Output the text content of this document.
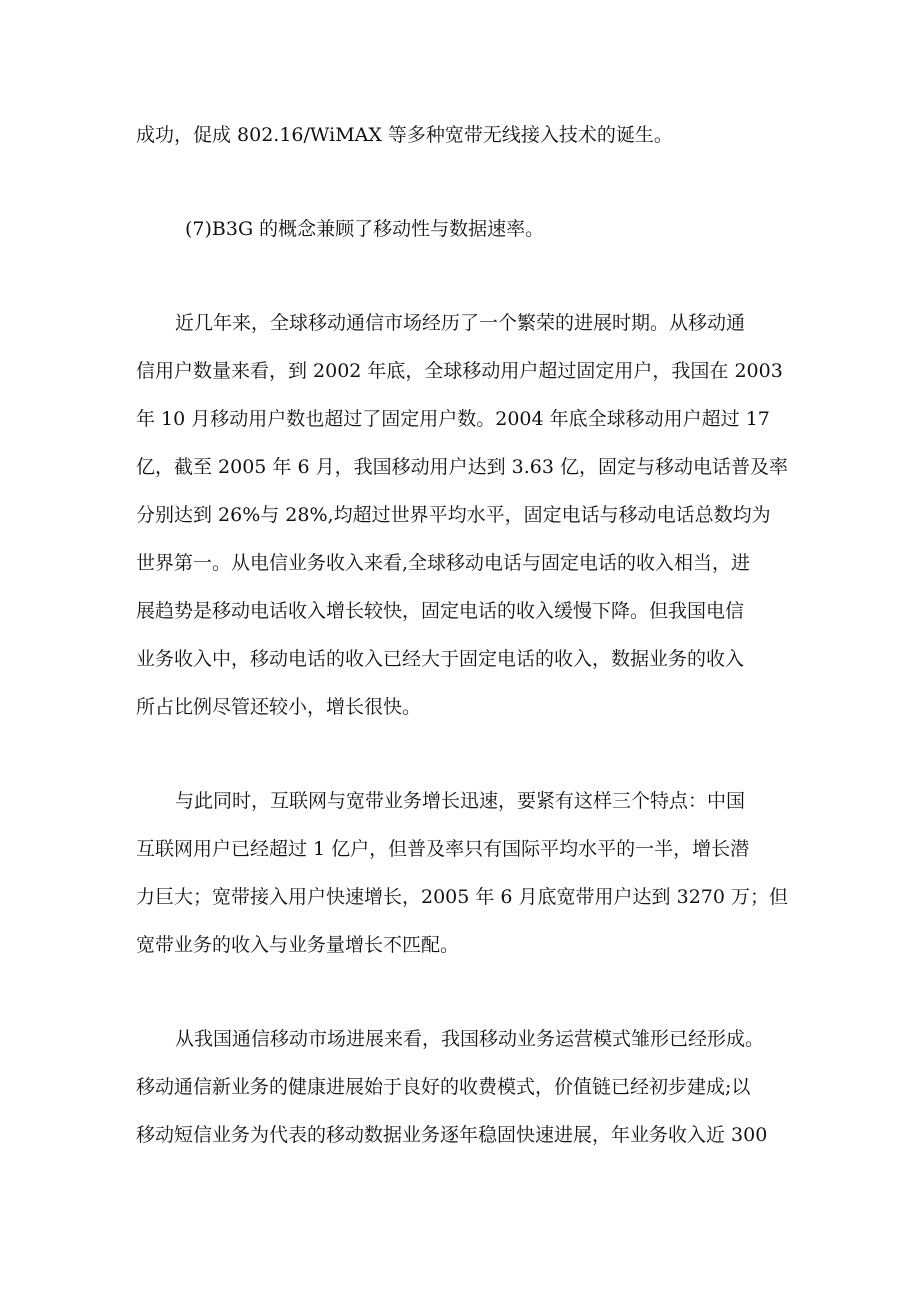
成功，促成 802.16/WiMAX 等多种宽带无线接入技术的诞生。

(7)B3G 的概念兼顾了移动性与数据速率。

近几年来，全球移动通信市场经历了一个繁荣的进展时期。从移动通

信用户数量来看，到 2002 年底，全球移动用户超过固定用户，我国在 2003

年 10 月移动用户数也超过了固定用户数。2004 年底全球移动用户超过 17

亿，截至 2005 年 6 月，我国移动用户达到 3.63 亿，固定与移动电话普及率

分别达到 26%与 28%,均超过世界平均水平，固定电话与移动电话总数均为

世界第一。从电信业务收入来看,全球移动电话与固定电话的收入相当，进

展趋势是移动电话收入增长较快，固定电话的收入缓慢下降。但我国电信

业务收入中，移动电话的收入已经大于固定电话的收入，数据业务的收入

所占比例尽管还较小，增长很快。

与此同时，互联网与宽带业务增长迅速，要紧有这样三个特点：中国

互联网用户已经超过 1 亿户，但普及率只有国际平均水平的一半，增长潜

力巨大；宽带接入用户快速增长，2005 年 6 月底宽带用户达到 3270 万；但

宽带业务的收入与业务量增长不匹配。

从我国通信移动市场进展来看，我国移动业务运营模式雏形已经形成。

移动通信新业务的健康进展始于良好的收费模式，价值链已经初步建成;以

移动短信业务为代表的移动数据业务逐年稳固快速进展，年业务收入近 300
